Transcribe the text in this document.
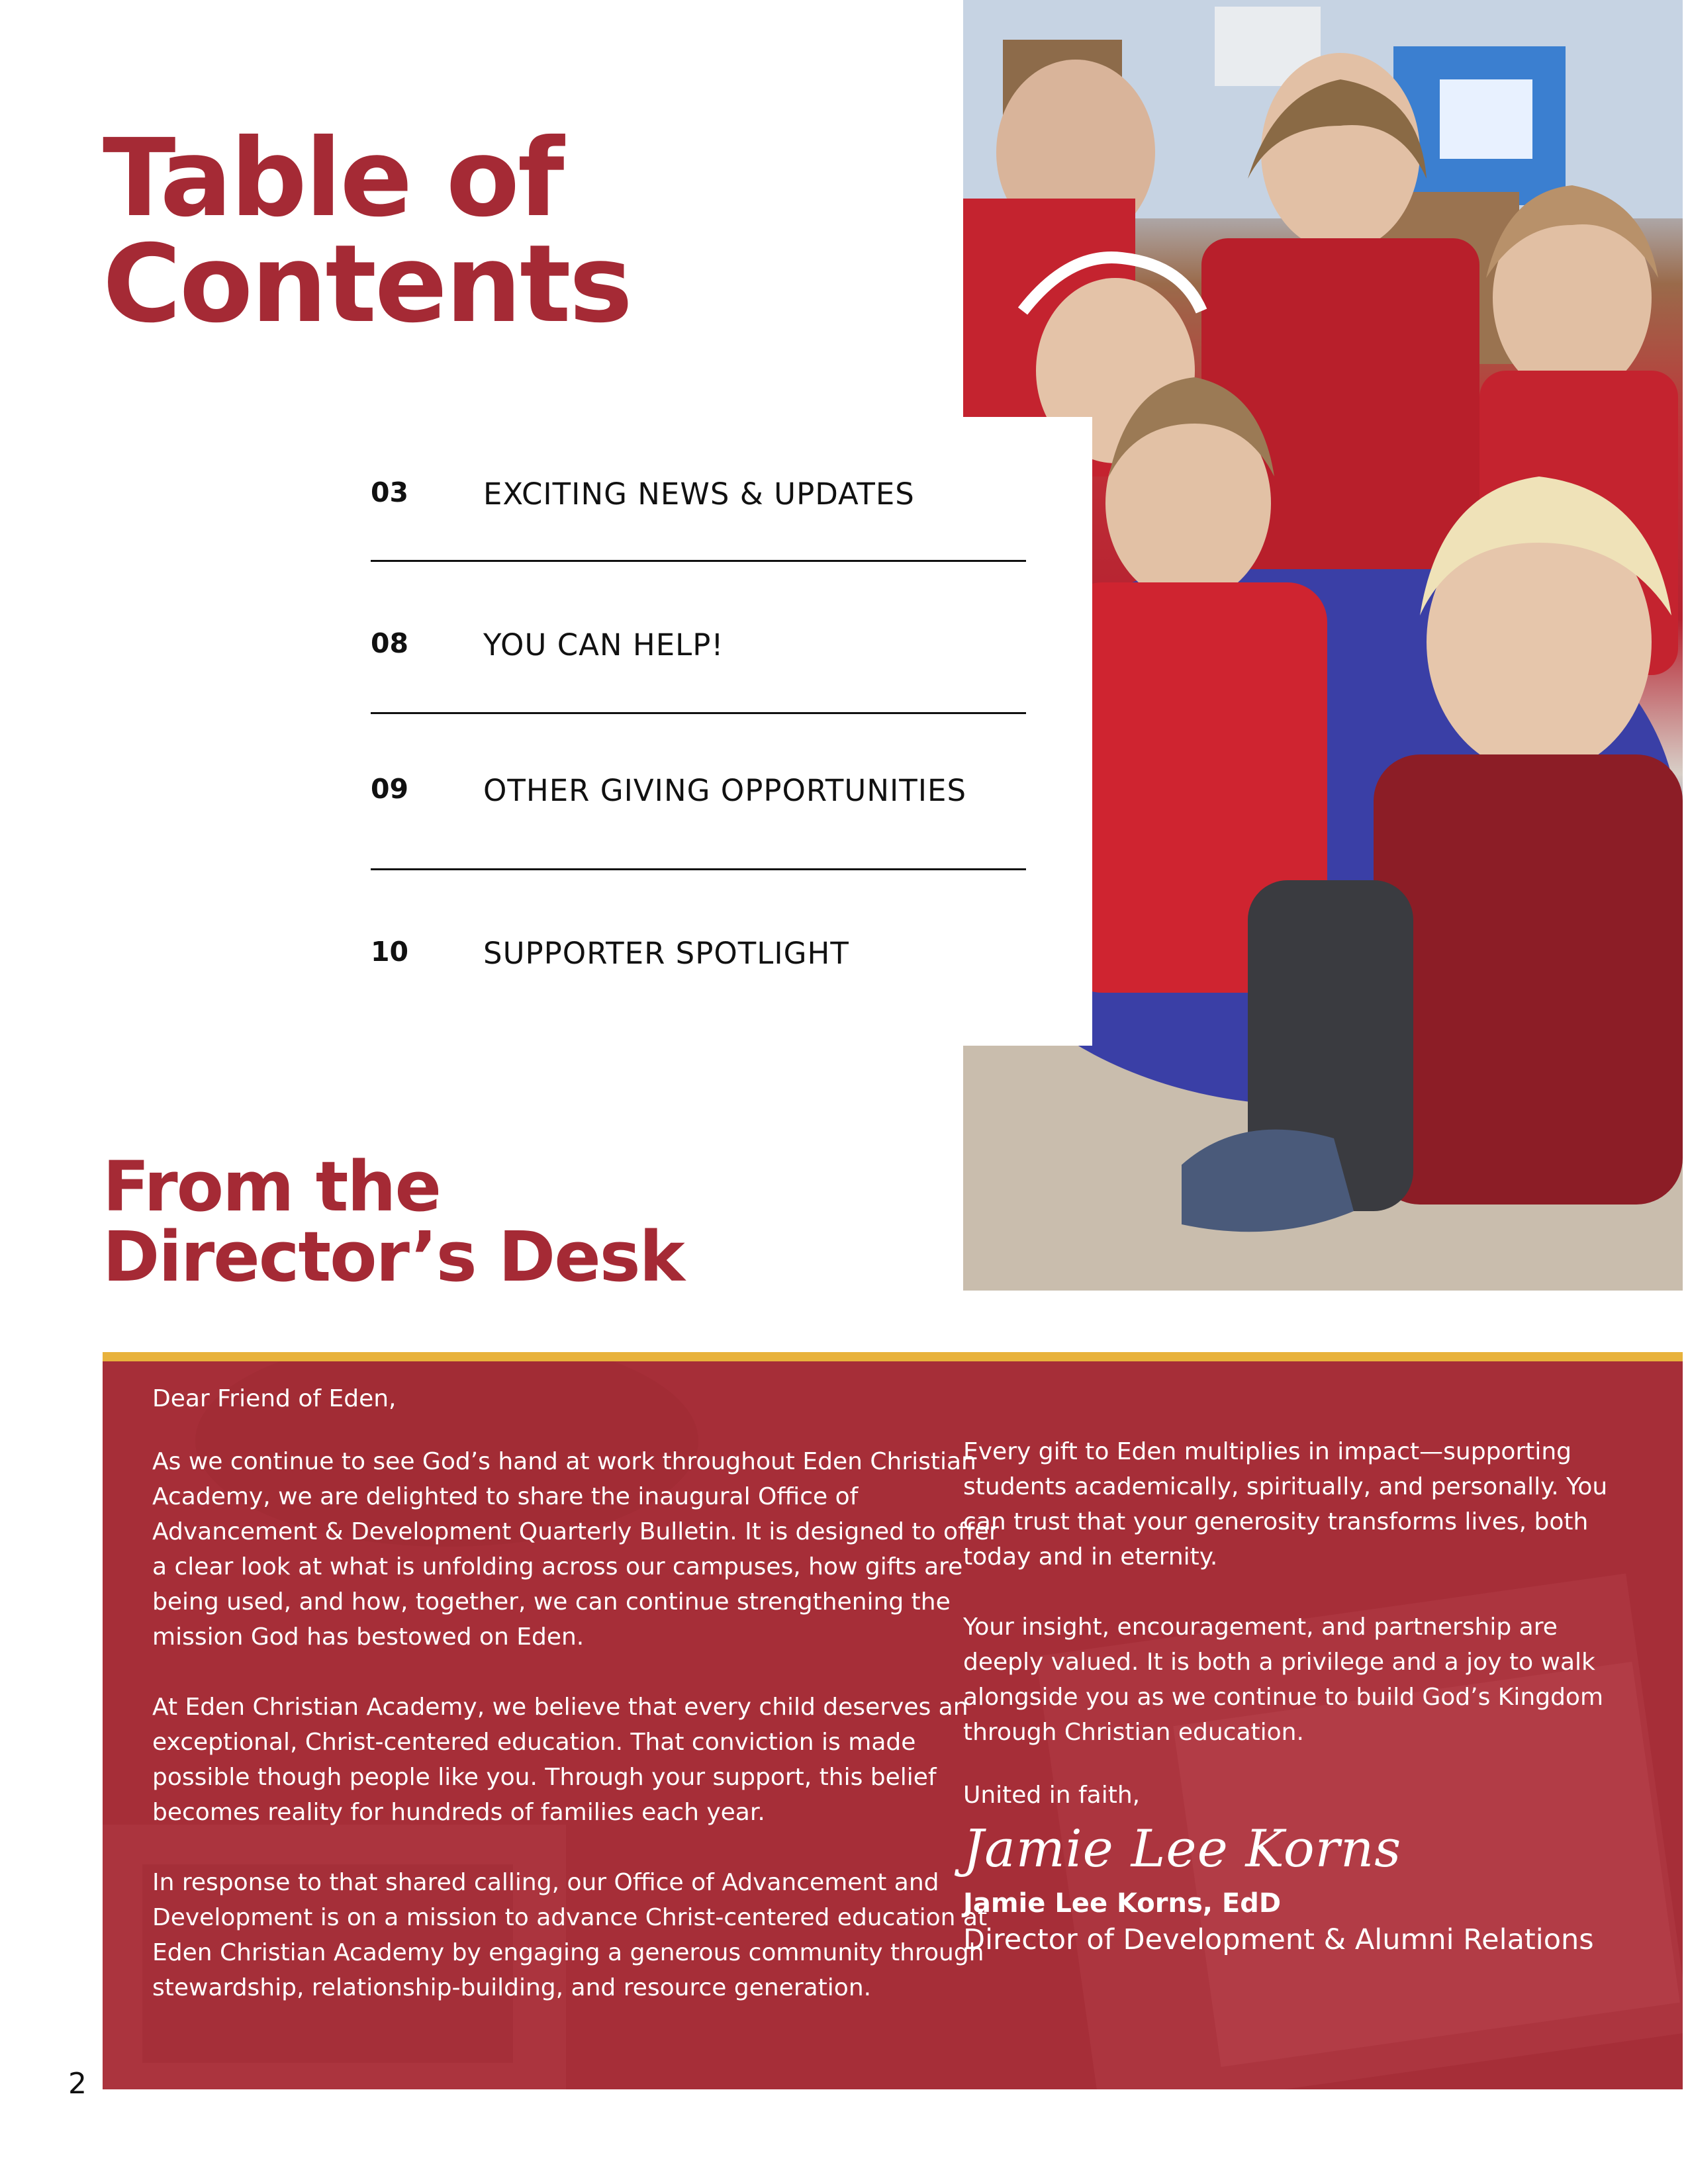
Table of
Contents
03	EXCITING NEWS & UPDATES
08	YOU CAN HELP!
09	OTHER GIVING OPPORTUNITIES
10	SUPPORTER SPOTLIGHT
From the
Director’s Desk

Dear Friend of Eden,

As we continue to see God’s hand at work throughout Eden Christian Academy, we are delighted to share the inaugural Office of Advancement & Development Quarterly Bulletin. It is designed to offer a clear look at what is unfolding across our campuses, how gifts are being used, and how, together, we can continue strengthening the mission God has bestowed on Eden.

At Eden Christian Academy, we believe that every child deserves an exceptional, Christ-centered education. That conviction is made possible though people like you. Through your support, this belief becomes reality for hundreds of families each year.

In response to that shared calling, our Office of Advancement and Development is on a mission to advance Christ-centered education at Eden Christian Academy by engaging a generous community through stewardship, relationship-building, and resource generation.

Every gift to Eden multiplies in impact—supporting students academically, spiritually, and personally. You can trust that your generosity transforms lives, both today and in eternity.

Your insight, encouragement, and partnership are deeply valued. It is both a privilege and a joy to walk alongside you as we continue to build God’s Kingdom through Christian education.

United in faith,

Jamie Lee Korns

Jamie Lee Korns, EdD

Director of Development & Alumni Relations

2
